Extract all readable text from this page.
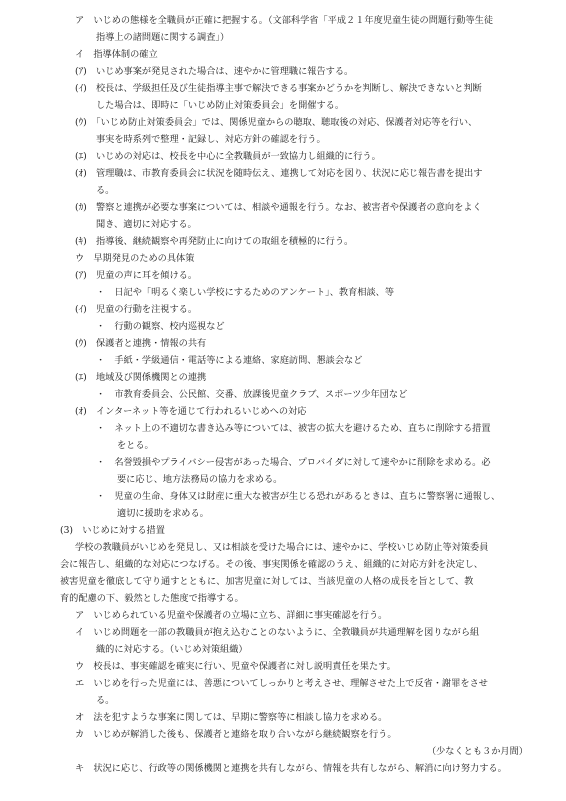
ア　いじめの態様を全職員が正確に把握する。（文部科学省「平成２１年度児童生徒の問題行動等生徒
指導上の諸問題に関する調査」）
イ　指導体制の確立
(ｱ)　いじめ事案が発見された場合は、速やかに管理職に報告する。
(ｲ)　校長は、学級担任及び生徒指導主事で解決できる事案かどうかを判断し、解決できないと判断
した場合は、即時に「いじめ防止対策委員会」を開催する。
(ｳ)　「いじめ防止対策委員会」では、関係児童からの聴取、聴取後の対応、保護者対応等を行い、
事実を時系列で整理・記録し、対応方針の確認を行う。
(ｴ)　いじめの対応は、校長を中心に全教職員が一致協力し組織的に行う。
(ｵ)　管理職は、市教育委員会に状況を随時伝え、連携して対応を図り、状況に応じ報告書を提出す
る。
(ｶ)　警察と連携が必要な事案については、相談や通報を行う。なお、被害者や保護者の意向をよく
聞き、適切に対応する。
(ｷ)　指導後、継続観察や再発防止に向けての取組を積極的に行う。
ウ　早期発見のための具体策
(ｱ)　児童の声に耳を傾ける。
・　日記や「明るく楽しい学校にするためのアンケート」、教育相談、等
(ｲ)　児童の行動を注視する。
・　行動の観察、校内巡視など
(ｳ)　保護者と連携・情報の共有
・　手紙・学級通信・電話等による連絡、家庭訪問、懇談会など
(ｴ)　地域及び関係機関との連携
・　市教育委員会、公民館、交番、放課後児童クラブ、スポーツ少年団など
(ｵ)　インターネット等を通じて行われるいじめへの対応
・　ネット上の不適切な書き込み等については、被害の拡大を避けるため、直ちに削除する措置
をとる。
・　名誉毀損やプライバシー侵害があった場合、プロバイダに対して速やかに削除を求める。必
要に応じ、地方法務局の協力を求める。
・　児童の生命、身体又は財産に重大な被害が生じる恐れがあるときは、直ちに警察署に通報し、
適切に援助を求める。
(3)　いじめに対する措置
学校の教職員がいじめを発見し、又は相談を受けた場合には、速やかに、学校いじめ防止等対策委員
会に報告し、組織的な対応につなげる。その後、事実関係を確認のうえ、組織的に対応方針を決定し、
被害児童を徹底して守り通すとともに、加害児童に対しては、当該児童の人格の成長を旨として、教
育的配慮の下、毅然とした態度で指導する。
ア　いじめられている児童や保護者の立場に立ち、詳細に事実確認を行う。
イ　いじめ問題を一部の教職員が抱え込むことのないように、全教職員が共通理解を図りながら組
織的に対応する。（いじめ対策組織）
ウ　校長は、事実確認を確実に行い、児童や保護者に対し説明責任を果たす。
エ　いじめを行った児童には、善悪についてしっかりと考えさせ、理解させた上で反省・謝罪をさせ
る。
オ　法を犯すような事案に関しては、早期に警察等に相談し協力を求める。
カ　いじめが解消した後も、保護者と連絡を取り合いながら継続観察を行う。
（少なくとも３か月間）
キ　状況に応じ、行政等の関係機関と連携を共有しながら、情報を共有しながら、解消に向け努力する。
